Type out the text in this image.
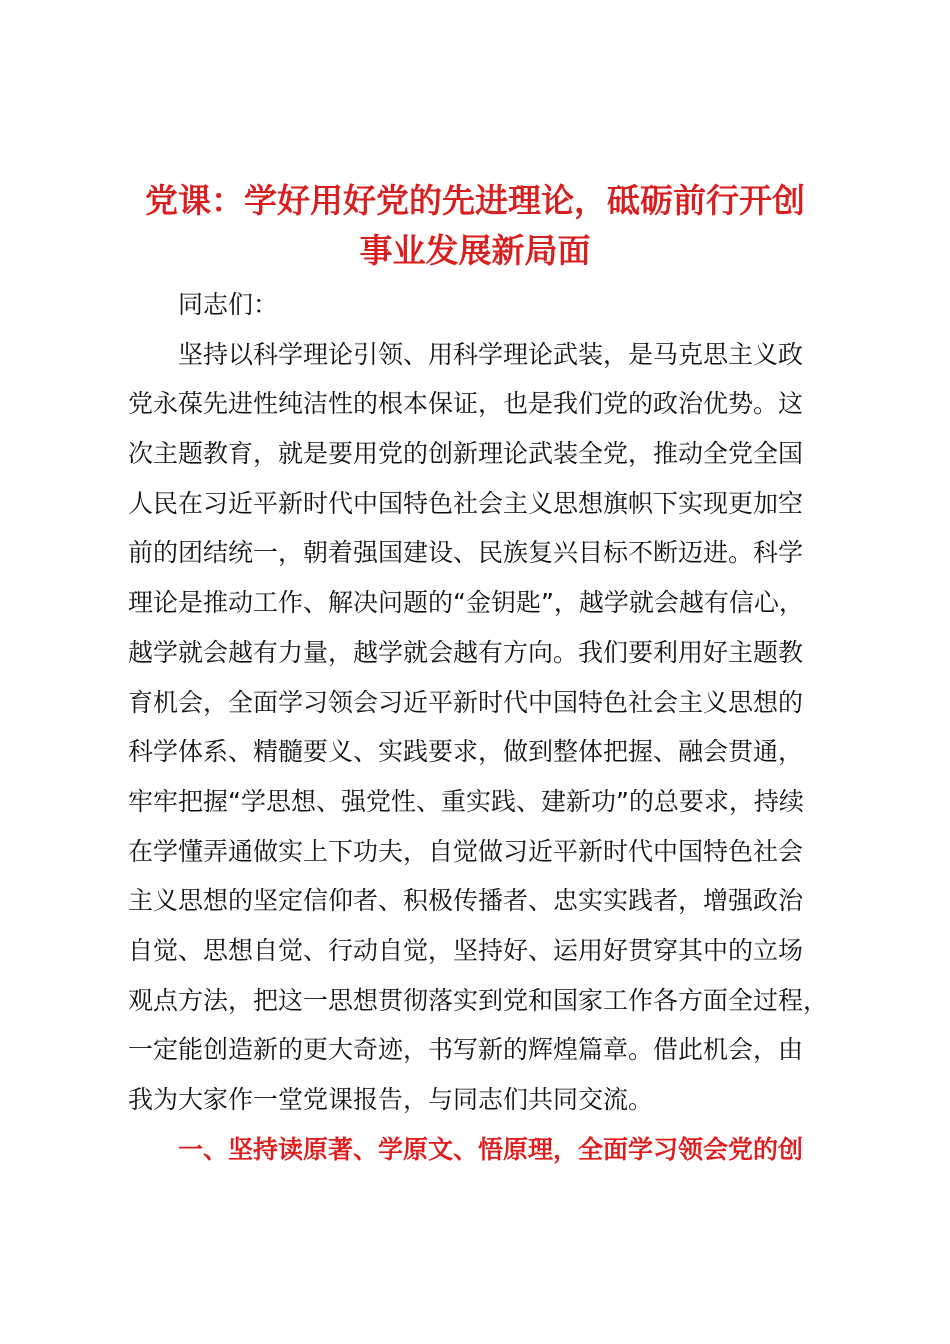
党课：学好用好党的先进理论，砥砺前行开创
事业发展新局面
同志们：
坚持以科学理论引领、用科学理论武装，是马克思主义政
党永葆先进性纯洁性的根本保证，也是我们党的政治优势。这
次主题教育，就是要用党的创新理论武装全党，推动全党全国
人民在习近平新时代中国特色社会主义思想旗帜下实现更加空
前的团结统一，朝着强国建设、民族复兴目标不断迈进。科学
理论是推动工作、解决问题的“金钥匙”，越学就会越有信心，
越学就会越有力量，越学就会越有方向。我们要利用好主题教
育机会，全面学习领会习近平新时代中国特色社会主义思想的
科学体系、精髓要义、实践要求，做到整体把握、融会贯通，
牢牢把握“学思想、强党性、重实践、建新功”的总要求，持续
在学懂弄通做实上下功夫，自觉做习近平新时代中国特色社会
主义思想的坚定信仰者、积极传播者、忠实实践者，增强政治
自觉、思想自觉、行动自觉，坚持好、运用好贯穿其中的立场
观点方法，把这一思想贯彻落实到党和国家工作各方面全过程，
一定能创造新的更大奇迹，书写新的辉煌篇章。借此机会，由
我为大家作一堂党课报告，与同志们共同交流。
一、坚持读原著、学原文、悟原理，全面学习领会党的创
